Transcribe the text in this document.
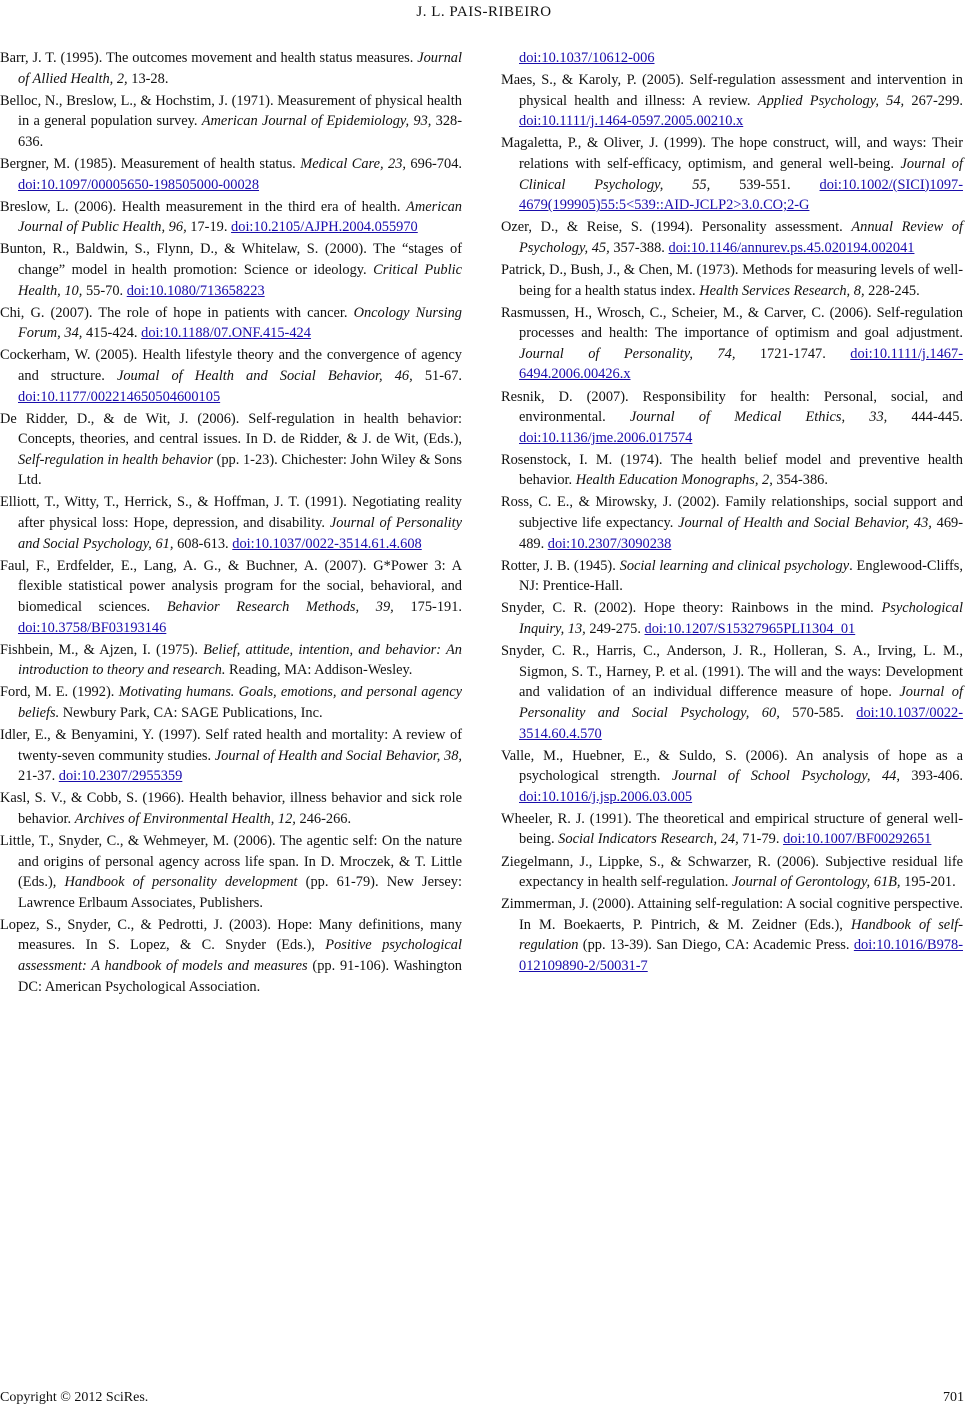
J. L. PAIS-RIBEIRO

Barr, J. T. (1995). The outcomes movement and health status measures. Journal of Allied Health, 2, 13-28.

Belloc, N., Breslow, L., & Hochstim, J. (1971). Measurement of physical health in a general population survey. American Journal of Epidemiology, 93, 328-636.

Bergner, M. (1985). Measurement of health status. Medical Care, 23, 696-704. doi:10.1097/00005650-198505000-00028

Breslow, L. (2006). Health measurement in the third era of health. American Journal of Public Health, 96, 17-19. doi:10.2105/AJPH.2004.055970

Bunton, R., Baldwin, S., Flynn, D., & Whitelaw, S. (2000). The “stages of change” model in health promotion: Science or ideology. Critical Public Health, 10, 55-70. doi:10.1080/713658223

Chi, G. (2007). The role of hope in patients with cancer. Oncology Nursing Forum, 34, 415-424. doi:10.1188/07.ONF.415-424

Cockerham, W. (2005). Health lifestyle theory and the convergence of agency and structure. Joumal of Health and Social Behavior, 46, 51-67. doi:10.1177/002214650504600105

De Ridder, D., & de Wit, J. (2006). Self-regulation in health behavior: Concepts, theories, and central issues. In D. de Ridder, & J. de Wit, (Eds.), Self-regulation in health behavior (pp. 1-23). Chichester: John Wiley & Sons Ltd.

Elliott, T., Witty, T., Herrick, S., & Hoffman, J. T. (1991). Negotiating reality after physical loss: Hope, depression, and disability. Journal of Personality and Social Psychology, 61, 608-613. doi:10.1037/0022-3514.61.4.608

Faul, F., Erdfelder, E., Lang, A. G., & Buchner, A. (2007). G*Power 3: A flexible statistical power analysis program for the social, behavioral, and biomedical sciences. Behavior Research Methods, 39, 175-191. doi:10.3758/BF03193146

Fishbein, M., & Ajzen, I. (1975). Belief, attitude, intention, and behavior: An introduction to theory and research. Reading, MA: Addison-Wesley.

Ford, M. E. (1992). Motivating humans. Goals, emotions, and personal agency beliefs. Newbury Park, CA: SAGE Publications, Inc.

Idler, E., & Benyamini, Y. (1997). Self rated health and mortality: A review of twenty-seven community studies. Journal of Health and Social Behavior, 38, 21-37. doi:10.2307/2955359

Kasl, S. V., & Cobb, S. (1966). Health behavior, illness behavior and sick role behavior. Archives of Environmental Health, 12, 246-266.

Little, T., Snyder, C., & Wehmeyer, M. (2006). The agentic self: On the nature and origins of personal agency across life span. In D. Mroczek, & T. Little (Eds.), Handbook of personality development (pp. 61-79). New Jersey: Lawrence Erlbaum Associates, Publishers.

Lopez, S., Snyder, C., & Pedrotti, J. (2003). Hope: Many definitions, many measures. In S. Lopez, & C. Snyder (Eds.), Positive psychological assessment: A handbook of models and measures (pp. 91-106). Washington DC: American Psychological Association.

doi:10.1037/10612-006

Maes, S., & Karoly, P. (2005). Self-regulation assessment and intervention in physical health and illness: A review. Applied Psychology, 54, 267-299. doi:10.1111/j.1464-0597.2005.00210.x

Magaletta, P., & Oliver, J. (1999). The hope construct, will, and ways: Their relations with self-efficacy, optimism, and general well-being. Journal of Clinical Psychology, 55, 539-551. doi:10.1002/(SICI)1097-4679(199905)55:5<539::AID-JCLP2>3.0.CO;2-G

Ozer, D., & Reise, S. (1994). Personality assessment. Annual Review of Psychology, 45, 357-388. doi:10.1146/annurev.ps.45.020194.002041

Patrick, D., Bush, J., & Chen, M. (1973). Methods for measuring levels of well-being for a health status index. Health Services Research, 8, 228-245.

Rasmussen, H., Wrosch, C., Scheier, M., & Carver, C. (2006). Self-regulation processes and health: The importance of optimism and goal adjustment. Journal of Personality, 74, 1721-1747. doi:10.1111/j.1467-6494.2006.00426.x

Resnik, D. (2007). Responsibility for health: Personal, social, and environmental. Journal of Medical Ethics, 33, 444-445. doi:10.1136/jme.2006.017574

Rosenstock, I. M. (1974). The health belief model and preventive health behavior. Health Education Monographs, 2, 354-386.

Ross, C. E., & Mirowsky, J. (2002). Family relationships, social support and subjective life expectancy. Journal of Health and Social Behavior, 43, 469-489. doi:10.2307/3090238

Rotter, J. B. (1945). Social learning and clinical psychology. Englewood-Cliffs, NJ: Prentice-Hall.

Snyder, C. R. (2002). Hope theory: Rainbows in the mind. Psychological Inquiry, 13, 249-275. doi:10.1207/S15327965PLI1304_01

Snyder, C. R., Harris, C., Anderson, J. R., Holleran, S. A., Irving, L. M., Sigmon, S. T., Harney, P. et al. (1991). The will and the ways: Development and validation of an individual difference measure of hope. Journal of Personality and Social Psychology, 60, 570-585. doi:10.1037/0022-3514.60.4.570

Valle, M., Huebner, E., & Suldo, S. (2006). An analysis of hope as a psychological strength. Journal of School Psychology, 44, 393-406. doi:10.1016/j.jsp.2006.03.005

Wheeler, R. J. (1991). The theoretical and empirical structure of general well-being. Social Indicators Research, 24, 71-79. doi:10.1007/BF00292651

Ziegelmann, J., Lippke, S., & Schwarzer, R. (2006). Subjective residual life expectancy in health self-regulation. Journal of Gerontology, 61B, 195-201.

Zimmerman, J. (2000). Attaining self-regulation: A social cognitive perspective. In M. Boekaerts, P. Pintrich, & M. Zeidner (Eds.), Handbook of self-regulation (pp. 13-39). San Diego, CA: Academic Press. doi:10.1016/B978-012109890-2/50031-7

Copyright © 2012 SciRes.	701
